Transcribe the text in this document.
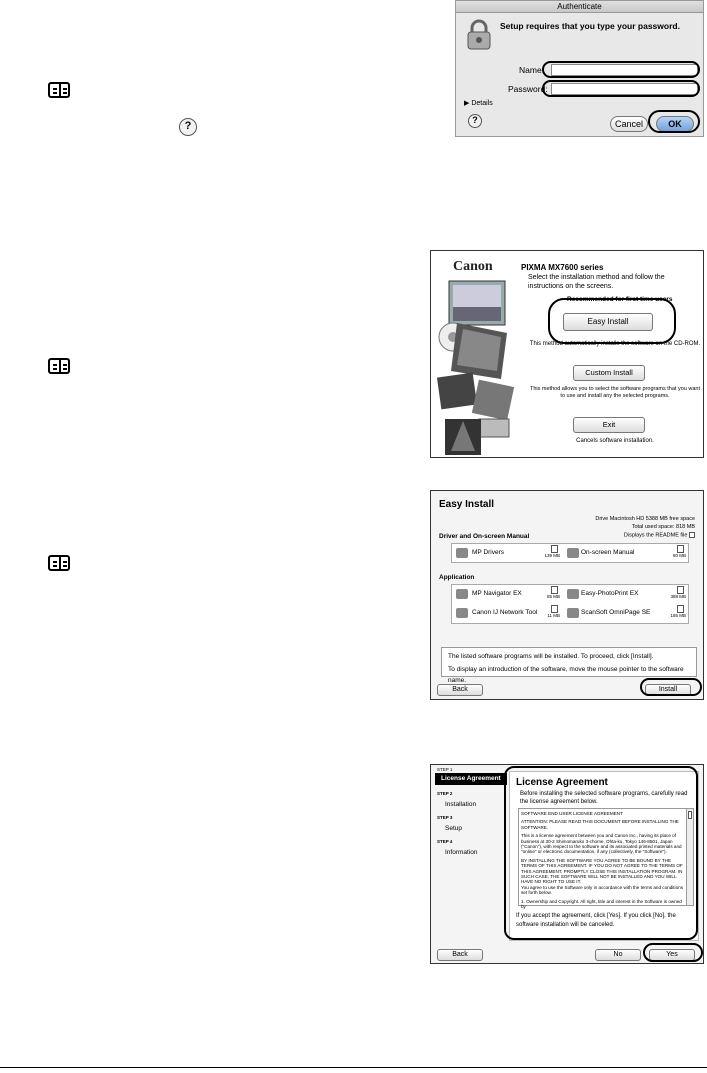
?
Authenticate
Setup requires that you type your password.
Name:
Password:
▶ Details
?	Cancel	OK
Canon	PIXMA MX7600 series
Select the installation method and follow the instructions on the screens.
Recommended for first time users
Easy Install
This method automatically installs the software on the CD-ROM.
Custom Install
This method allows you to select the software programs that you want to use and install any the selected programs.
Exit
Cancels software installation.
Easy Install
Drive Macintosh HD 5388 MB free space
Total used space: 818 MB
Displays the README file
Driver and On-screen Manual
MP Drivers	139 MB	On-screen Manual	80 MB
Application
MP Navigator EX	85 MB	Easy-PhotoPrint EX	388 MB
Canon IJ Network Tool 11 MB	ScanSoft OmniPage SE	185 MB
The listed software programs will be installed. To proceed, click [Install].
To display an introduction of the software, move the mouse pointer to the software name.
Back	Install
STEP 1
License Agreement
STEP 2
Installation
STEP 3
Setup
STEP 4
Information
License Agreement
Before installing the selected software programs, carefully read the license agreement below.
SOFTWARE END USER LICENSE AGREEMENT
ATTENTION: PLEASE READ THIS DOCUMENT BEFORE INSTALLING THE SOFTWARE.
This is a license agreement between you and Canon Inc., having its place of business at 30-2 Shimomaruko 3-chome, Ohta-ku, Tokyo 146-8501, Japan ("Canon"), with respect to the software and its associated printed materials and "online" or electronic documentation, if any (collectively, the "Software").
BY INSTALLING THE SOFTWARE YOU AGREE TO BE BOUND BY THE TERMS OF THIS AGREEMENT. IF YOU DO NOT AGREE TO THE TERMS OF THIS AGREEMENT, PROMPTLY CLOSE THIS INSTALLATION PROGRAM. IN SUCH CASE, THE SOFTWARE WILL NOT BE INSTALLED AND YOU WILL HAVE NO RIGHT TO USE IT.
You agree to use the Software only in accordance with the terms and conditions set forth below.
1. Ownership and Copyright. All right, title and interest in the Software is owned by
If you accept the agreement, click [Yes]. If you click [No], the software installation will be canceled.
Back	No	Yes
